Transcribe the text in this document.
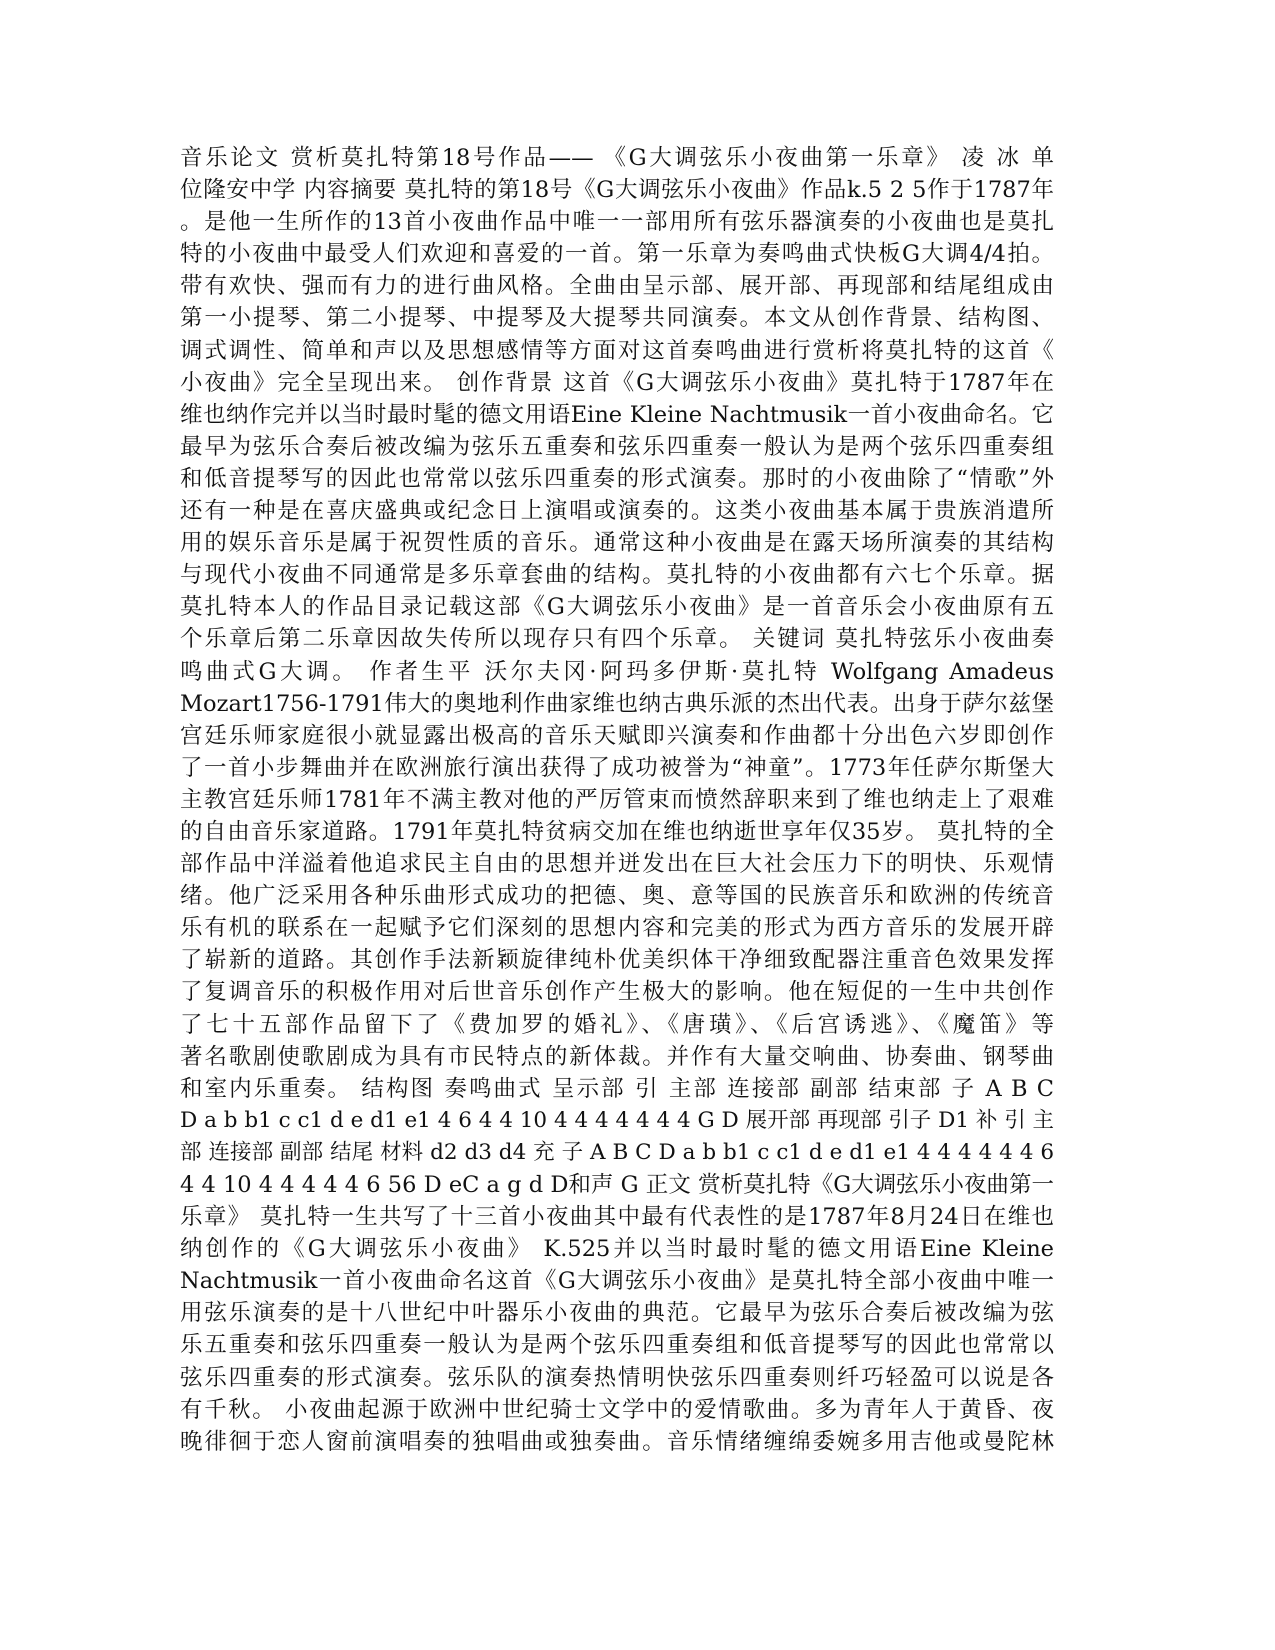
音乐论文 赏析莫扎特第18号作品—— 《G大调弦乐小夜曲第一乐章》 凌 冰 单
位隆安中学 内容摘要 莫扎特的第18号《G大调弦乐小夜曲》作品k.5 2 5作于1787年
。是他一生所作的13首小夜曲作品中唯一一部用所有弦乐器演奏的小夜曲也是莫扎
特的小夜曲中最受人们欢迎和喜爱的一首。第一乐章为奏鸣曲式快板G大调4/4拍。
带有欢快、强而有力的进行曲风格。全曲由呈示部、展开部、再现部和结尾组成由
第一小提琴、第二小提琴、中提琴及大提琴共同演奏。本文从创作背景、结构图、
调式调性、简单和声以及思想感情等方面对这首奏鸣曲进行赏析将莫扎特的这首《
小夜曲》完全呈现出来。 创作背景 这首《G大调弦乐小夜曲》莫扎特于1787年在
维也纳作完并以当时最时髦的德文用语Eine Kleine Nachtmusik一首小夜曲命名。它
最早为弦乐合奏后被改编为弦乐五重奏和弦乐四重奏一般认为是两个弦乐四重奏组
和低音提琴写的因此也常常以弦乐四重奏的形式演奏。那时的小夜曲除了“情歌”外
还有一种是在喜庆盛典或纪念日上演唱或演奏的。这类小夜曲基本属于贵族消遣所
用的娱乐音乐是属于祝贺性质的音乐。通常这种小夜曲是在露天场所演奏的其结构
与现代小夜曲不同通常是多乐章套曲的结构。莫扎特的小夜曲都有六七个乐章。据
莫扎特本人的作品目录记载这部《G大调弦乐小夜曲》是一首音乐会小夜曲原有五
个乐章后第二乐章因故失传所以现存只有四个乐章。 关键词 莫扎特弦乐小夜曲奏
鸣曲式G大调。 作者生平 沃尔夫冈·阿玛多伊斯·莫扎特 Wolfgang Amadeus
Mozart1756-1791伟大的奥地利作曲家维也纳古典乐派的杰出代表。出身于萨尔兹堡
宫廷乐师家庭很小就显露出极高的音乐天赋即兴演奏和作曲都十分出色六岁即创作
了一首小步舞曲并在欧洲旅行演出获得了成功被誉为“神童”。1773年任萨尔斯堡大
主教宫廷乐师1781年不满主教对他的严厉管束而愤然辞职来到了维也纳走上了艰难
的自由音乐家道路。1791年莫扎特贫病交加在维也纳逝世享年仅35岁。 莫扎特的全
部作品中洋溢着他追求民主自由的思想并迸发出在巨大社会压力下的明快、乐观情
绪。他广泛采用各种乐曲形式成功的把德、奥、意等国的民族音乐和欧洲的传统音
乐有机的联系在一起赋予它们深刻的思想内容和完美的形式为西方音乐的发展开辟
了崭新的道路。其创作手法新颖旋律纯朴优美织体干净细致配器注重音色效果发挥
了复调音乐的积极作用对后世音乐创作产生极大的影响。他在短促的一生中共创作
了七十五部作品留下了《费加罗的婚礼》、《唐璜》、《后宫诱逃》、《魔笛》等
著名歌剧使歌剧成为具有市民特点的新体裁。并作有大量交响曲、协奏曲、钢琴曲
和室内乐重奏。 结构图 奏鸣曲式 呈示部 引 主部 连接部 副部 结束部 子 A B C
D a b b1 c c1 d e d1 e1 4 6 4 4 10 4 4 4 4 4 4 4 G D 展开部 再现部 引子 D1 补 引 主
部 连接部 副部 结尾 材料 d2 d3 d4 充 子 A B C D a b b1 c c1 d e d1 e1 4 4 4 4 4 4 6
4 4 10 4 4 4 4 4 6 56 D eC a g d D和声 G 正文 赏析莫扎特《G大调弦乐小夜曲第一
乐章》 莫扎特一生共写了十三首小夜曲其中最有代表性的是1787年8月24日在维也
纳创作的《G大调弦乐小夜曲》 K.525并以当时最时髦的德文用语Eine Kleine
Nachtmusik一首小夜曲命名这首《G大调弦乐小夜曲》是莫扎特全部小夜曲中唯一
用弦乐演奏的是十八世纪中叶器乐小夜曲的典范。它最早为弦乐合奏后被改编为弦
乐五重奏和弦乐四重奏一般认为是两个弦乐四重奏组和低音提琴写的因此也常常以
弦乐四重奏的形式演奏。弦乐队的演奏热情明快弦乐四重奏则纤巧轻盈可以说是各
有千秋。 小夜曲起源于欧洲中世纪骑士文学中的爱情歌曲。多为青年人于黄昏、夜
晚徘徊于恋人窗前演唱奏的独唱曲或独奏曲。音乐情绪缠绵委婉多用吉他或曼陀林
